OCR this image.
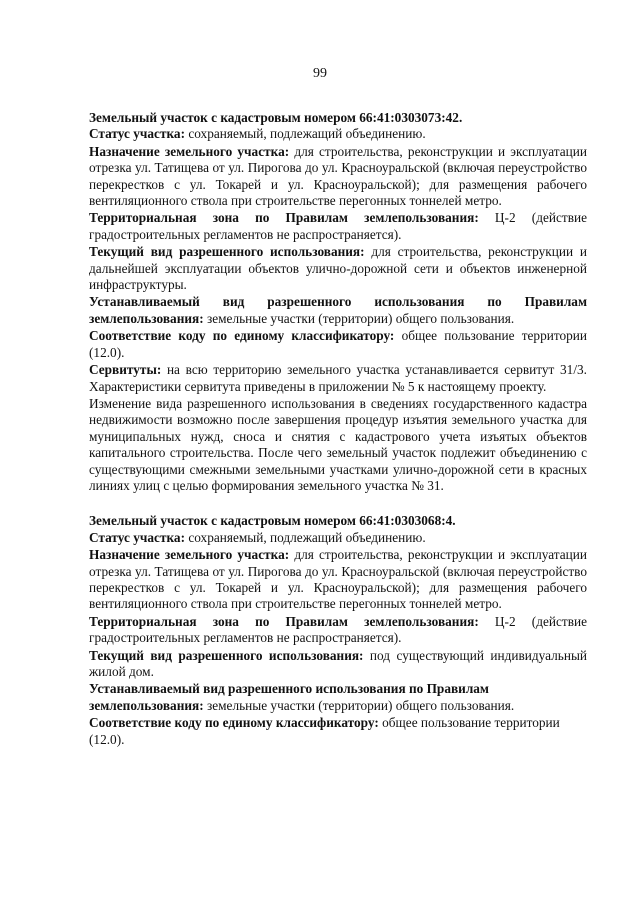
99

Земельный участок с кадастровым номером 66:41:0303073:42.

Статус участка: сохраняемый, подлежащий объединению.

Назначение земельного участка: для строительства, реконструкции и эксплуатации отрезка ул. Татищева от ул. Пирогова до ул. Красноуральской (включая переустройство перекрестков с ул. Токарей и ул. Красноуральской); для размещения рабочего вентиляционного ствола при строительстве перегонных тоннелей метро.

Территориальная зона по Правилам землепользования: Ц-2 (действие градостроительных регламентов не распространяется).

Текущий вид разрешенного использования: для строительства, реконструкции и дальнейшей эксплуатации объектов улично-дорожной сети и объектов инженерной инфраструктуры.

Устанавливаемый вид разрешенного использования по Правилам землепользования: земельные участки (территории) общего пользования.

Соответствие коду по единому классификатору: общее пользование территории (12.0).

Сервитуты: на всю территорию земельного участка устанавливается сервитут 31/3. Характеристики сервитута приведены в приложении № 5 к настоящему проекту.

Изменение вида разрешенного использования в сведениях государственного кадастра недвижимости возможно после завершения процедур изъятия земельного участка для муниципальных нужд, сноса и снятия с кадастрового учета изъятых объектов капитального строительства. После чего земельный участок подлежит объединению с существующими смежными земельными участками улично-дорожной сети в красных линиях улиц с целью формирования земельного участка № 31.

Земельный участок с кадастровым номером 66:41:0303068:4.

Статус участка: сохраняемый, подлежащий объединению.

Назначение земельного участка: для строительства, реконструкции и эксплуатации отрезка ул. Татищева от ул. Пирогова до ул. Красноуральской (включая переустройство перекрестков с ул. Токарей и ул. Красноуральской); для размещения рабочего вентиляционного ствола при строительстве перегонных тоннелей метро.

Территориальная зона по Правилам землепользования: Ц-2 (действие градостроительных регламентов не распространяется).

Текущий вид разрешенного использования: под существующий индивидуальный жилой дом.

Устанавливаемый вид разрешенного использования по Правилам землепользования: земельные участки (территории) общего пользования.

Соответствие коду по единому классификатору: общее пользование территории (12.0).
